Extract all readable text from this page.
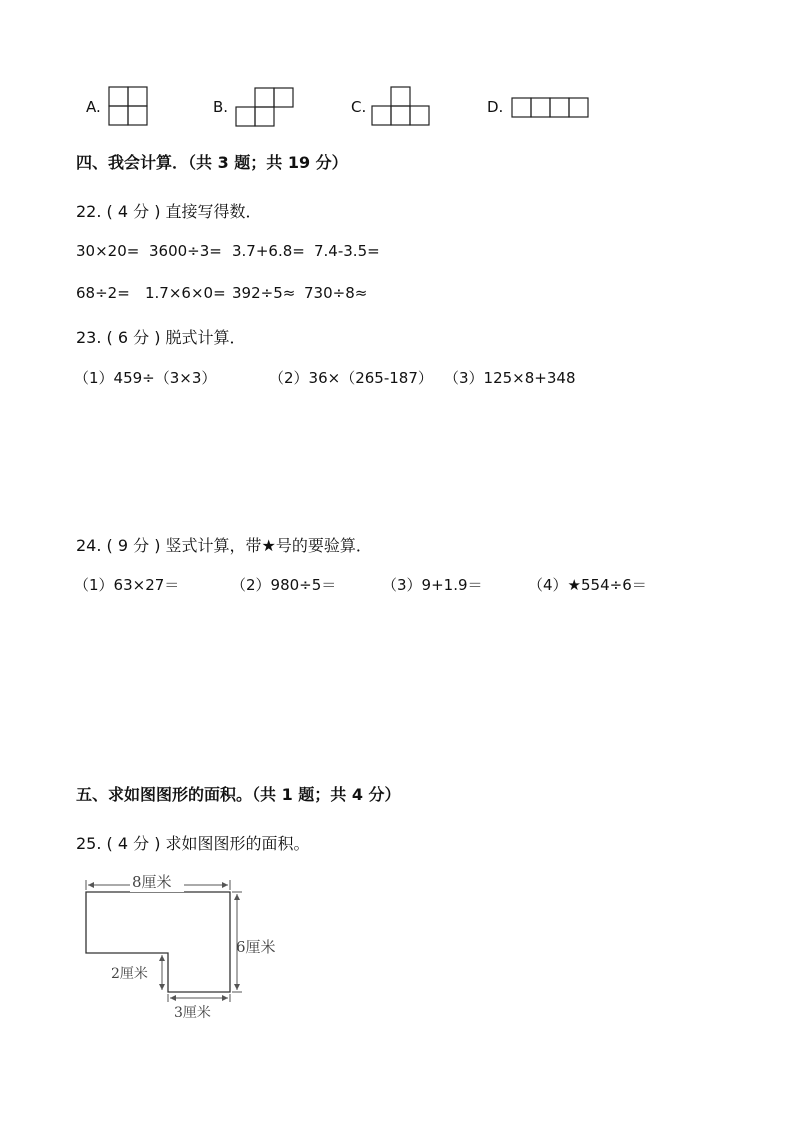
A.	B.	C.	D.
四、我会计算．（共 3 题；共 19 分）
22. ( 4 分 ) 直接写得数．
30×20= 3600÷3= 3.7+6.8= 7.4-3.5=
68÷2= 1.7×6×0= 392÷5≈ 730÷8≈
23. ( 6 分 ) 脱式计算．
（1）459÷（3×3）	（2）36×（265-187） （3）125×8+348
24. ( 9 分 ) 竖式计算，带★号的要验算．
（1）63×27＝	（2）980÷5＝	（3）9+1.9＝	（4）★554÷6＝
五、求如图图形的面积。（共 1 题；共 4 分）
25. ( 4 分 ) 求如图图形的面积。
8厘米
6厘米
2厘米
3厘米
